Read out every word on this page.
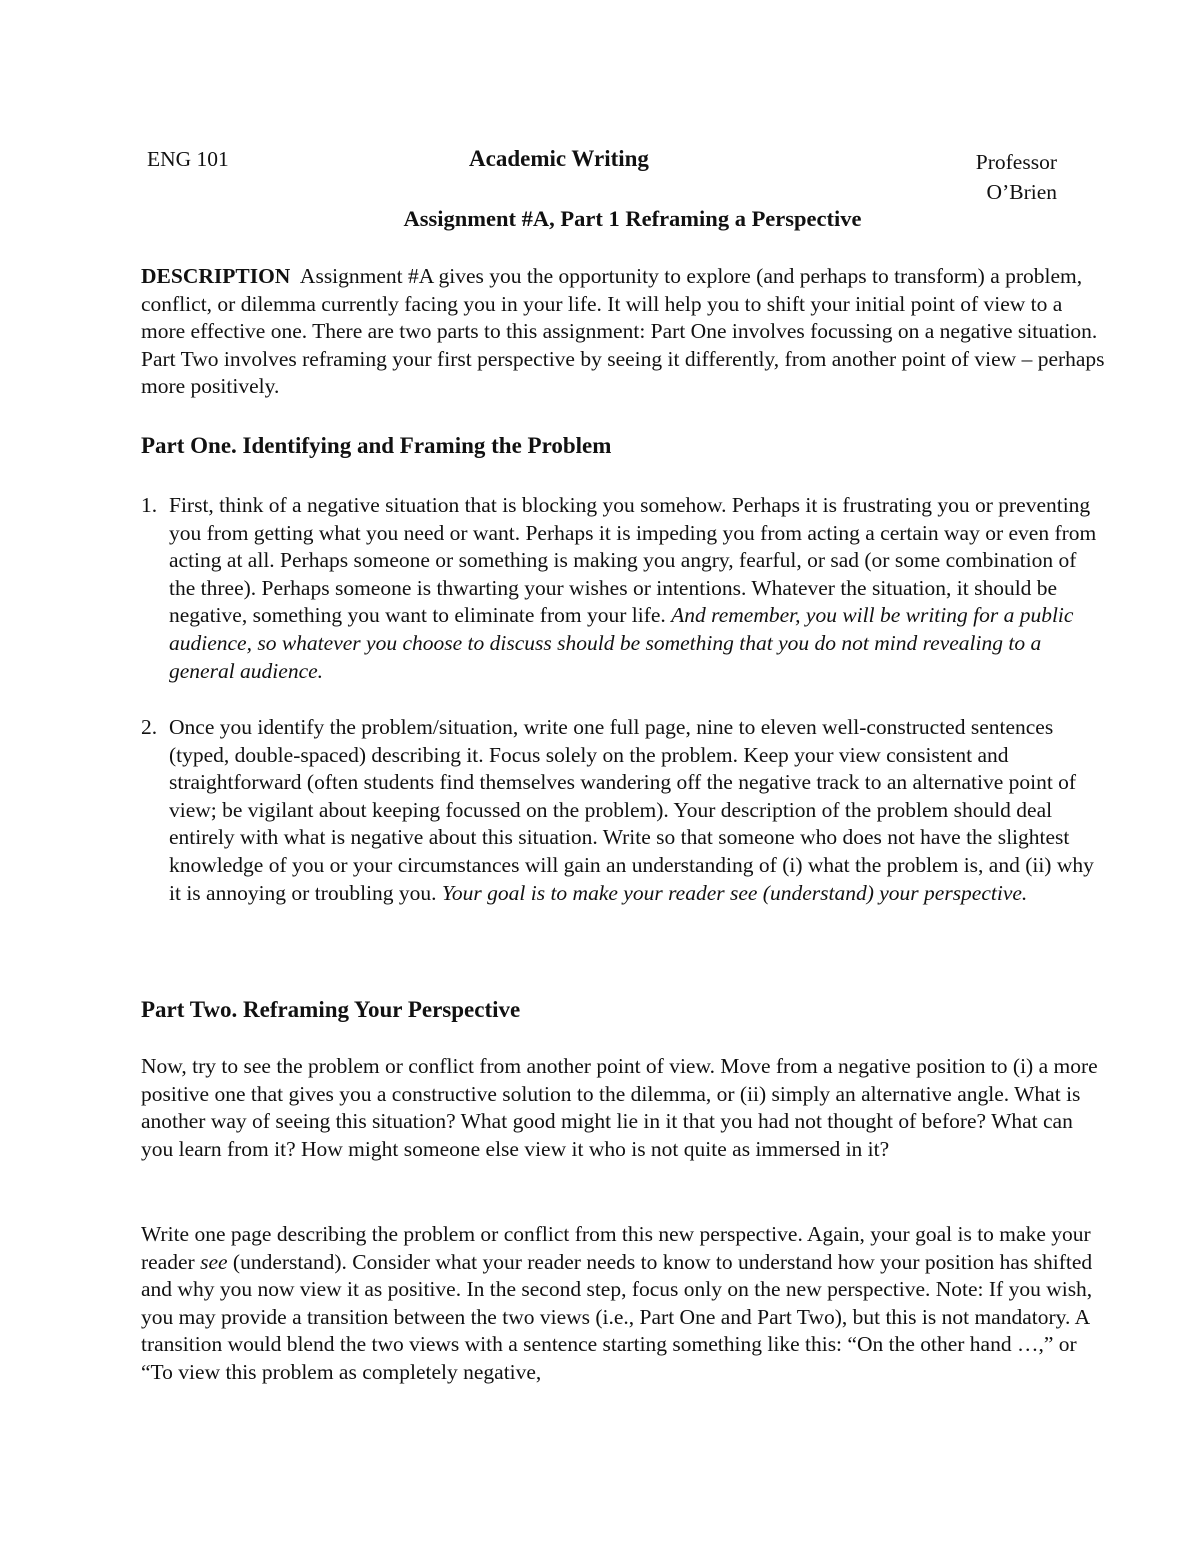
ENG 101	Academic Writing	Professor
O’Brien
Assignment #A, Part 1 Reframing a Perspective
DESCRIPTION Assignment #A gives you the opportunity to explore (and perhaps to transform) a problem, conflict, or dilemma currently facing you in your life. It will help you to shift your initial point of view to a more effective one. There are two parts to this assignment: Part One involves focussing on a negative situation. Part Two involves reframing your first perspective by seeing it differently, from another point of view – perhaps more positively.
Part One. Identifying and Framing the Problem
1. First, think of a negative situation that is blocking you somehow. Perhaps it is frustrating you or preventing you from getting what you need or want. Perhaps it is impeding you from acting a certain way or even from acting at all. Perhaps someone or something is making you angry, fearful, or sad (or some combination of the three). Perhaps someone is thwarting your wishes or intentions. Whatever the situation, it should be negative, something you want to eliminate from your life. And remember, you will be writing for a public audience, so whatever you choose to discuss should be something that you do not mind revealing to a general audience.
2. Once you identify the problem/situation, write one full page, nine to eleven well-constructed sentences (typed, double-spaced) describing it. Focus solely on the problem. Keep your view consistent and straightforward (often students find themselves wandering off the negative track to an alternative point of view; be vigilant about keeping focussed on the problem). Your description of the problem should deal entirely with what is negative about this situation. Write so that someone who does not have the slightest knowledge of you or your circumstances will gain an understanding of (i) what the problem is, and (ii) why it is annoying or troubling you. Your goal is to make your reader see (understand) your perspective.
Part Two. Reframing Your Perspective
Now, try to see the problem or conflict from another point of view. Move from a negative position to (i) a more positive one that gives you a constructive solution to the dilemma, or (ii) simply an alternative angle. What is another way of seeing this situation? What good might lie in it that you had not thought of before? What can you learn from it? How might someone else view it who is not quite as immersed in it?
Write one page describing the problem or conflict from this new perspective. Again, your goal is to make your reader see (understand). Consider what your reader needs to know to understand how your position has shifted and why you now view it as positive. In the second step, focus only on the new perspective. Note: If you wish, you may provide a transition between the two views (i.e., Part One and Part Two), but this is not mandatory. A transition would blend the two views with a sentence starting something like this: “On the other hand …,” or “To view this problem as completely negative,
